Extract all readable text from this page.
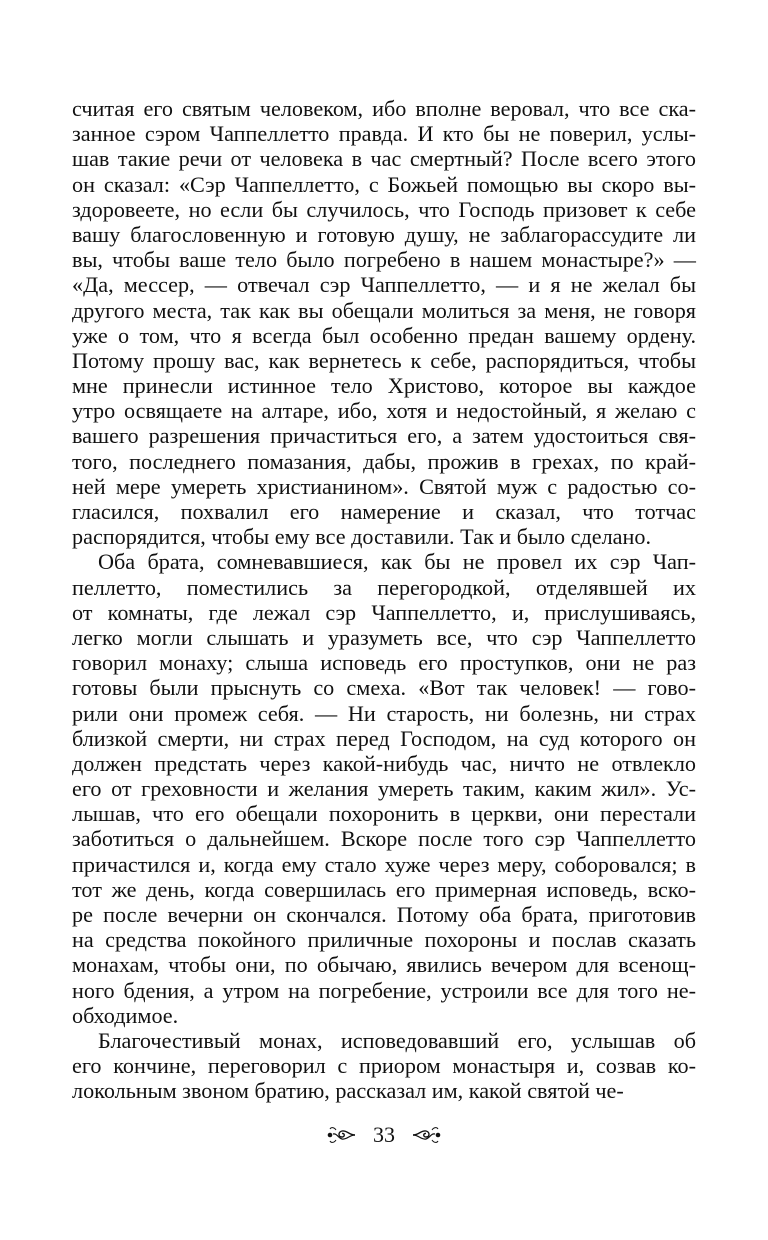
считая его святым человеком, ибо вполне веровал, что все ска-
занное сэром Чаппеллетто правда. И кто бы не поверил, услы-
шав такие речи от человека в час смертный? После всего этого
он сказал: «Сэр Чаппеллетто, с Божьей помощью вы скоро вы-
здоровеете, но если бы случилось, что Господь призовет к себе
вашу благословенную и готовую душу, не заблагорассудите ли
вы, чтобы ваше тело было погребено в нашем монастыре?» —
«Да, мессер, — отвечал сэр Чаппеллетто, — и я не желал бы
другого места, так как вы обещали молиться за меня, не говоря
уже о том, что я всегда был особенно предан вашему ордену.
Потому прошу вас, как вернетесь к себе, распорядиться, чтобы
мне принесли истинное тело Христово, которое вы каждое
утро освящаете на алтаре, ибо, хотя и недостойный, я желаю с
вашего разрешения причаститься его, а затем удостоиться свя-
того, последнего помазания, дабы, прожив в грехах, по край-
ней мере умереть христианином». Святой муж с радостью со-
гласился, похвалил его намерение и сказал, что тотчас
распорядится, чтобы ему все доставили. Так и было сделано.
Оба брата, сомневавшиеся, как бы не провел их сэр Чап-
пеллетто, поместились за перегородкой, отделявшей их
от комнаты, где лежал сэр Чаппеллетто, и, прислушиваясь,
легко могли слышать и уразуметь все, что сэр Чаппеллетто
говорил монаху; слыша исповедь его проступков, они не раз
готовы были прыснуть со смеха. «Вот так человек! — гово-
рили они промеж себя. — Ни старость, ни болезнь, ни страх
близкой смерти, ни страх перед Господом, на суд которого он
должен предстать через какой-нибудь час, ничто не отвлекло
его от греховности и желания умереть таким, каким жил». Ус-
лышав, что его обещали похоронить в церкви, они перестали
заботиться о дальнейшем. Вскоре после того сэр Чаппеллетто
причастился и, когда ему стало хуже через меру, соборовался; в
тот же день, когда совершилась его примерная исповедь, вско-
ре после вечерни он скончался. Потому оба брата, приготовив
на средства покойного приличные похороны и послав сказать
монахам, чтобы они, по обычаю, явились вечером для всенощ-
ного бдения, а утром на погребение, устроили все для того не-
обходимое.
Благочестивый монах, исповедовавший его, услышав об
его кончине, переговорил с приором монастыря и, созвав ко-
локольным звоном братию, рассказал им, какой святой че-
33
